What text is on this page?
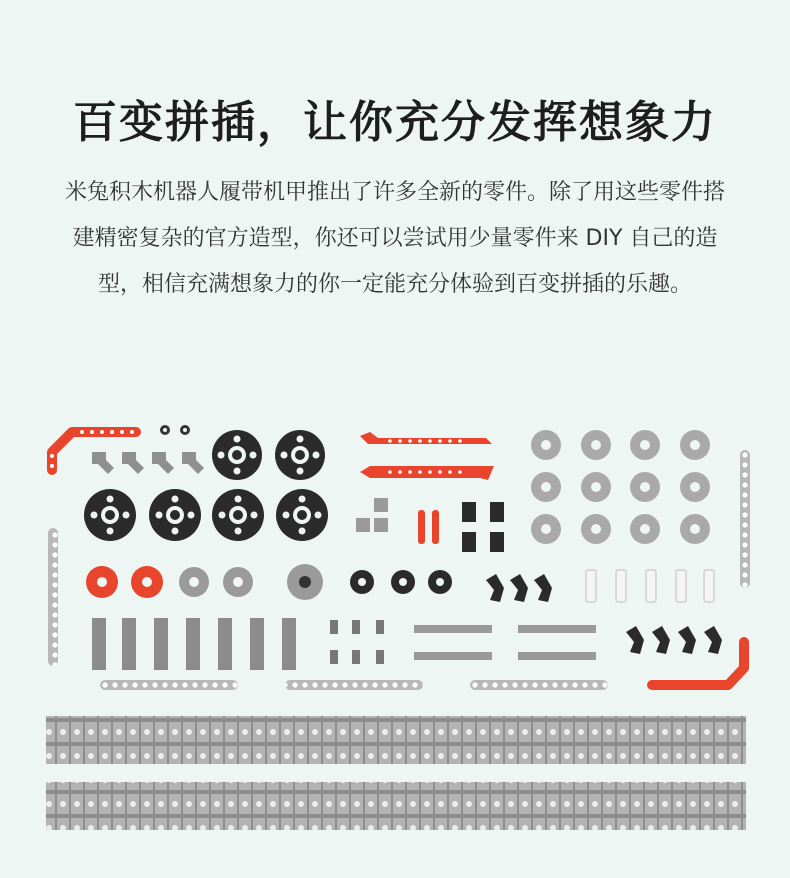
百变拼插，让你充分发挥想象力
米兔积木机器人履带机甲推出了许多全新的零件。除了用这些零件搭建精密复杂的官方造型，你还可以尝试用少量零件来 DIY 自己的造型，相信充满想象力的你一定能充分体验到百变拼插的乐趣。
